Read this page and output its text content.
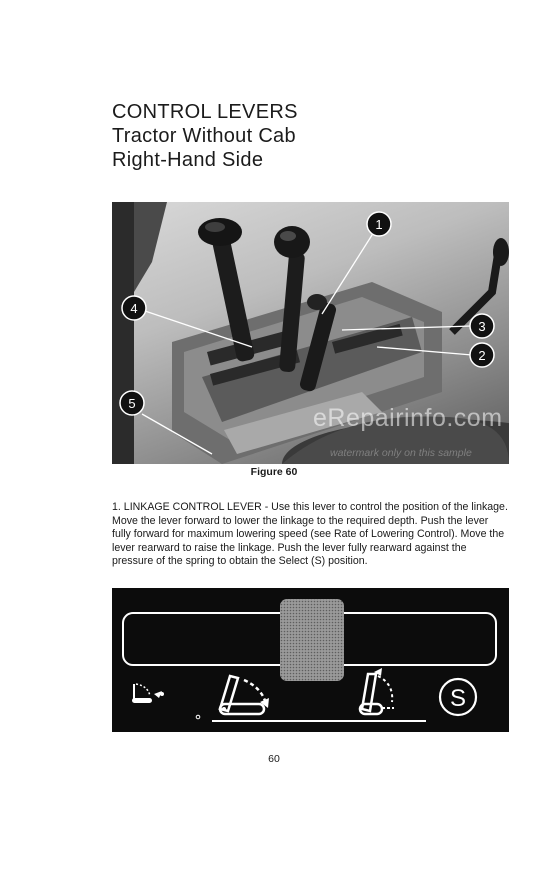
CONTROL LEVERS
Tractor Without Cab
Right-Hand Side
1
4
3
2
5
eRepairinfo.com
watermark only on this sample
Figure 60
1. LINKAGE CONTROL LEVER - Use this lever to control the position of the linkage. Move the lever forward to lower the linkage to the required depth. Push the lever fully forward for maximum lowering speed (see Rate of Lowering Control). Move the lever rearward to raise the linkage. Push the lever fully rearward against the pressure of the spring to obtain the Select (S) position.
S
60
